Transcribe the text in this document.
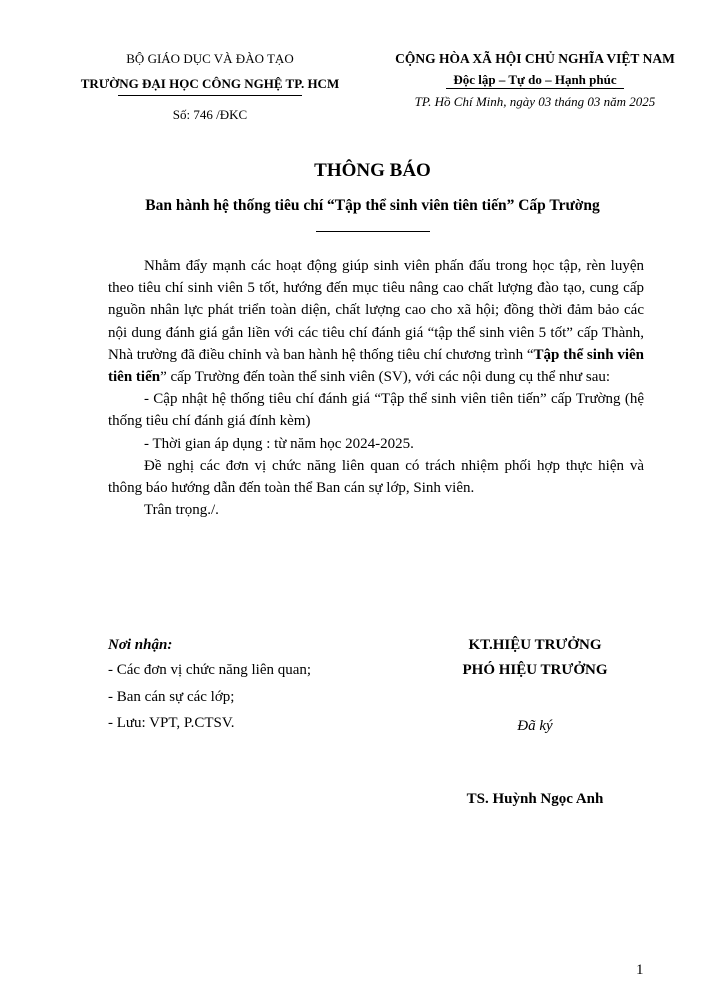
BỘ GIÁO DỤC VÀ ĐÀO TẠO
TRƯỜNG ĐẠI HỌC CÔNG NGHỆ TP. HCM
Số: 746 /ĐKC
CỘNG HÒA XÃ HỘI CHỦ NGHĨA VIỆT NAM
Độc lập – Tự do – Hạnh phúc
TP. Hồ Chí Minh, ngày 03 tháng 03 năm 2025
THÔNG BÁO
Ban hành hệ thống tiêu chí “Tập thể sinh viên tiên tiến” Cấp Trường

Nhằm đẩy mạnh các hoạt động giúp sinh viên phấn đấu trong học tập, rèn luyện theo tiêu chí sinh viên 5 tốt, hướng đến mục tiêu nâng cao chất lượng đào tạo, cung cấp nguồn nhân lực phát triển toàn diện, chất lượng cao cho xã hội; đồng thời đảm bảo các nội dung đánh giá gắn liền với các tiêu chí đánh giá “tập thể sinh viên 5 tốt” cấp Thành, Nhà trường đã điều chỉnh và ban hành hệ thống tiêu chí chương trình “Tập thể sinh viên tiên tiến” cấp Trường đến toàn thể sinh viên (SV), với các nội dung cụ thể như sau:

- Cập nhật hệ thống tiêu chí đánh giá “Tập thể sinh viên tiên tiến” cấp Trường (hệ thống tiêu chí đánh giá đính kèm)

- Thời gian áp dụng : từ năm học 2024-2025.

Đề nghị các đơn vị chức năng liên quan có trách nhiệm phối hợp thực hiện và thông báo hướng dẫn đến toàn thể Ban cán sự lớp, Sinh viên.

Trân trọng./.

Nơi nhận:
- Các đơn vị chức năng liên quan;
- Ban cán sự các lớp;
- Lưu: VPT, P.CTSV.
KT.HIỆU TRƯỞNG
PHÓ HIỆU TRƯỞNG
Đã ký
TS. Huỳnh Ngọc Anh
1
